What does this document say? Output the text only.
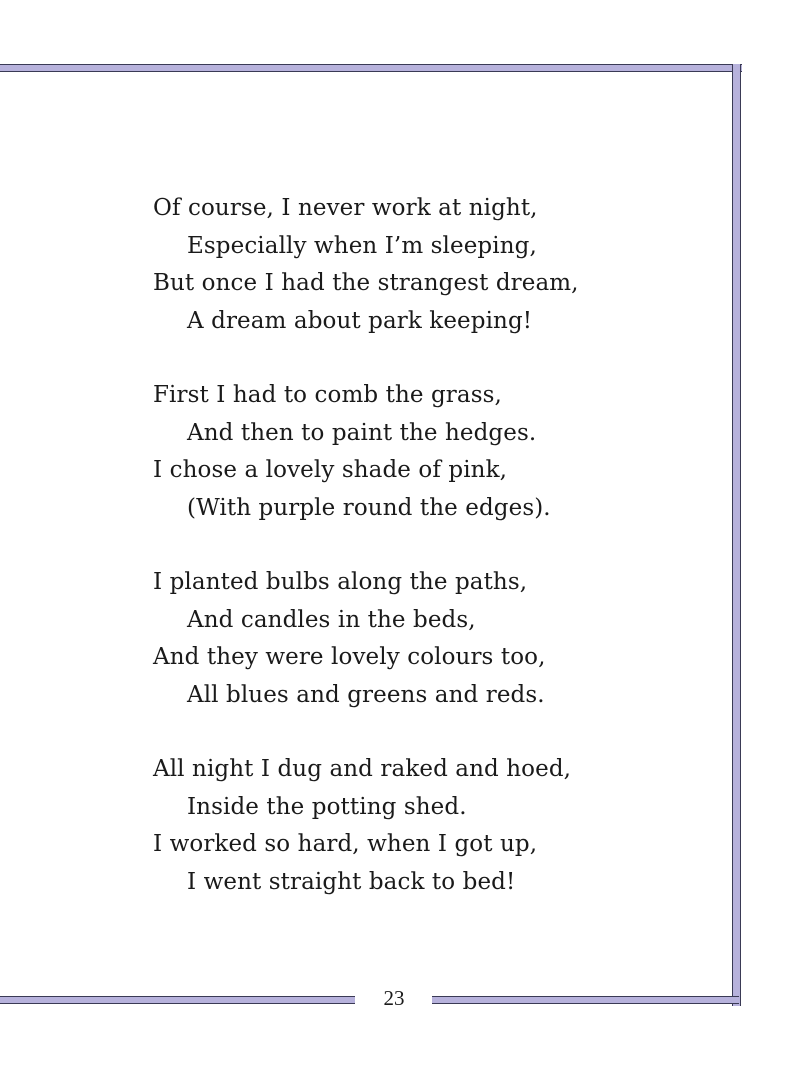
Of course, I never work at night,
Especially when I’m sleeping,
But once I had the strangest dream,
A dream about park keeping!
First I had to comb the grass,
And then to paint the hedges.
I chose a lovely shade of pink,
(With purple round the edges).
I planted bulbs along the paths,
And candles in the beds,
And they were lovely colours too,
All blues and greens and reds.
All night I dug and raked and hoed,
Inside the potting shed.
I worked so hard, when I got up,
I went straight back to bed!
23
